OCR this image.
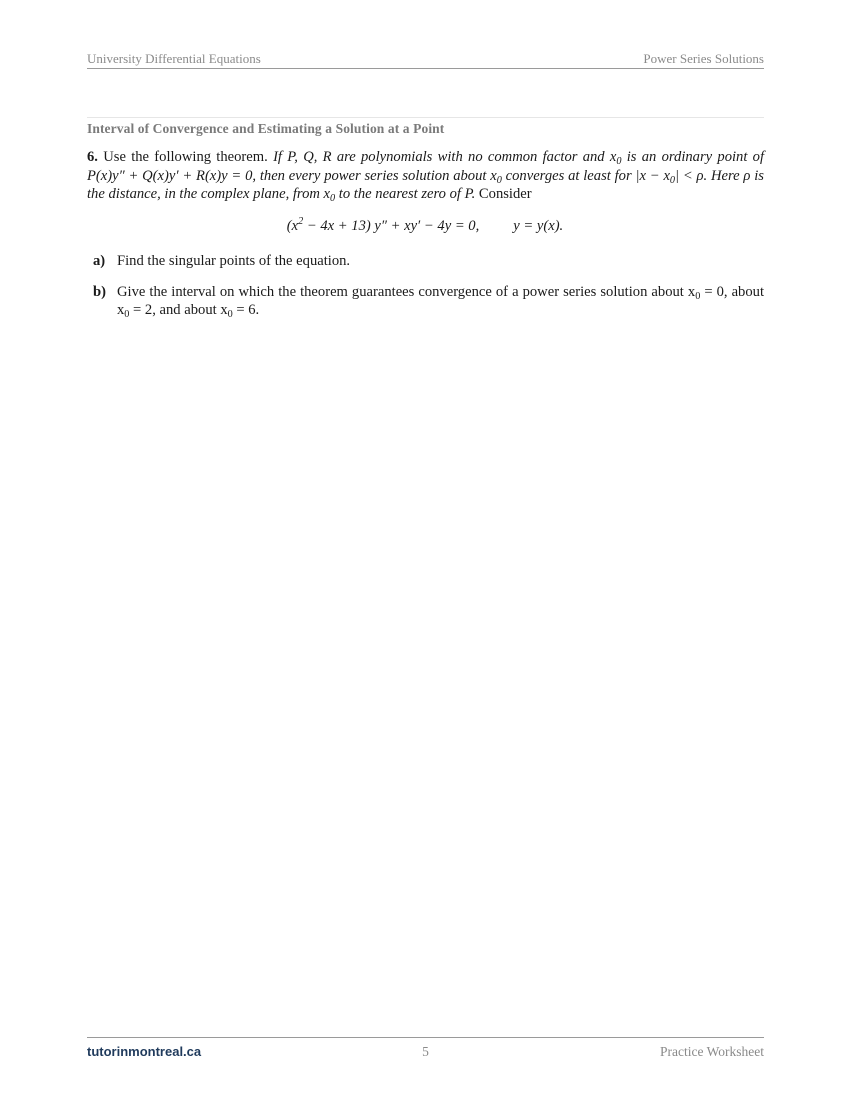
University Differential Equations	Power Series Solutions
Interval of Convergence and Estimating a Solution at a Point
6. Use the following theorem. If P, Q, R are polynomials with no common factor and $x_0$ is an ordinary point of P(x)y″ + Q(x)y′ + R(x)y = 0, then every power series solution about $x_0$ converges at least for $|x - x_0| < \rho$. Here ρ is the distance, in the complex plane, from $x_0$ to the nearest zero of P. Consider
$(x^2 - 4x + 13) y'' + xy' - 4y = 0$, y = y(x).
a) Find the singular points of the equation.
b) Give the interval on which the theorem guarantees convergence of a power series solution about $x_0 = 0$, about $x_0 = 2$, and about $x_0 = 6$.
tutorinmontreal.ca	5	Practice Worksheet
